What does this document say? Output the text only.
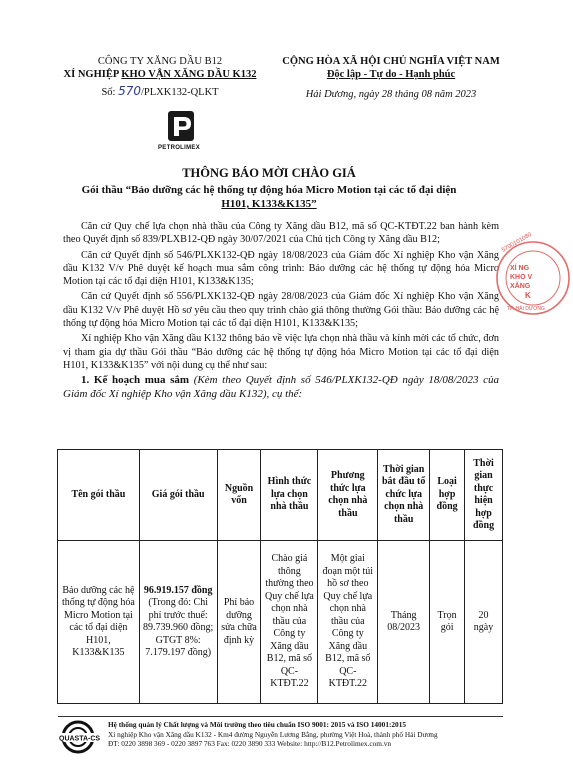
CÔNG TY XĂNG DẦU B12
XÍ NGHIỆP KHO VẬN XĂNG DẦU K132
Số: 570/PLXK132-QLKT
CỘNG HÒA XÃ HỘI CHỦ NGHĨA VIỆT NAM
Độc lập - Tự do - Hạnh phúc
Hải Dương, ngày 28 tháng 08 năm 2023
PETROLIMEX
THÔNG BÁO MỜI CHÀO GIÁ
Gói thầu “Bảo dưỡng các hệ thống tự động hóa Micro Motion tại các tổ đại diện
H101, K133&K135”

Căn cứ Quy chế lựa chọn nhà thầu của Công ty Xăng dầu B12, mã số QC-KTĐT.22 ban hành kèm theo Quyết định số 839/PLXB12-QĐ ngày 30/07/2021 của Chủ tịch Công ty Xăng dầu B12;

Căn cứ Quyết định số 546/PLXK132-QĐ ngày 18/08/2023 của Giám đốc Xí nghiệp Kho vận Xăng dầu K132 V/v Phê duyệt kế hoạch mua sắm công trình: Bảo dưỡng các hệ thống tự động hóa Micro Motion tại các tổ đại diện H101, K133&K135;

Căn cứ Quyết định số 556/PLXK132-QĐ ngày 28/08/2023 của Giám đốc Xí nghiệp Kho vận Xăng dầu K132 V/v Phê duyệt Hồ sơ yêu cầu theo quy trình chào giá thông thường Gói thầu: Bảo dưỡng các hệ thống tự động hóa Micro Motion tại các tổ đại diện H101, K133&K135;

Xí nghiệp Kho vận Xăng dầu K132 thông báo về việc lựa chọn nhà thầu và kính mời các tổ chức, đơn vị tham gia dự thầu Gói thầu “Bảo dưỡng các hệ thống tự động hóa Micro Motion tại các tổ đại diện H101, K133&K135” với nội dung cụ thể như sau:

1. Kế hoạch mua sắm (Kèm theo Quyết định số 546/PLXK132-QĐ ngày 18/08/2023 của Giám đốc Xí nghiệp Kho vận Xăng dầu K132), cụ thể:

Tên gói thầu	Giá gói thầu	Nguồn vốn	Hình thức lựa chọn nhà thầu	Phương thức lựa chọn nhà thầu	Thời gian bắt đầu tổ chức lựa chọn nhà thầu	Loại hợp đồng	Thời gian thực hiện hợp đồng
Bảo dưỡng các hệ thống tự động hóa Micro Motion tại các tổ đại diện H101, K133&K135	96.919.157 đồng (Trong đó: Chi phí trước thuế: 89.739.960 đồng; GTGT 8%: 7.179.197 đồng)	Phí bảo dưỡng sửa chữa định kỳ	Chào giá thông thường theo Quy chế lựa chọn nhà thầu của Công ty Xăng dầu B12, mã số QC-KTĐT.22	Một giai đoạn một túi hồ sơ theo Quy chế lựa chọn nhà thầu của Công ty Xăng dầu B12, mã số QC-KTĐT.22	Tháng 08/2023	Trọn gói	20 ngày
5700101080
XÍ NG
KHO V
XĂNG
K
TP. HẢI DƯƠNG
QUASTA-CS
Hệ thống quản lý Chất lượng và Môi trường theo tiêu chuẩn ISO 9001: 2015 và ISO 14001:2015
Xí nghiệp Kho vận Xăng dầu K132 - Km4 đường Nguyễn Lương Bằng, phường Việt Hoà, thành phố Hải Dương
ĐT: 0220 3898 369 - 0220 3897 763 Fax: 0220 3890 333 Website: http://B12.Petrolimex.com.vn
